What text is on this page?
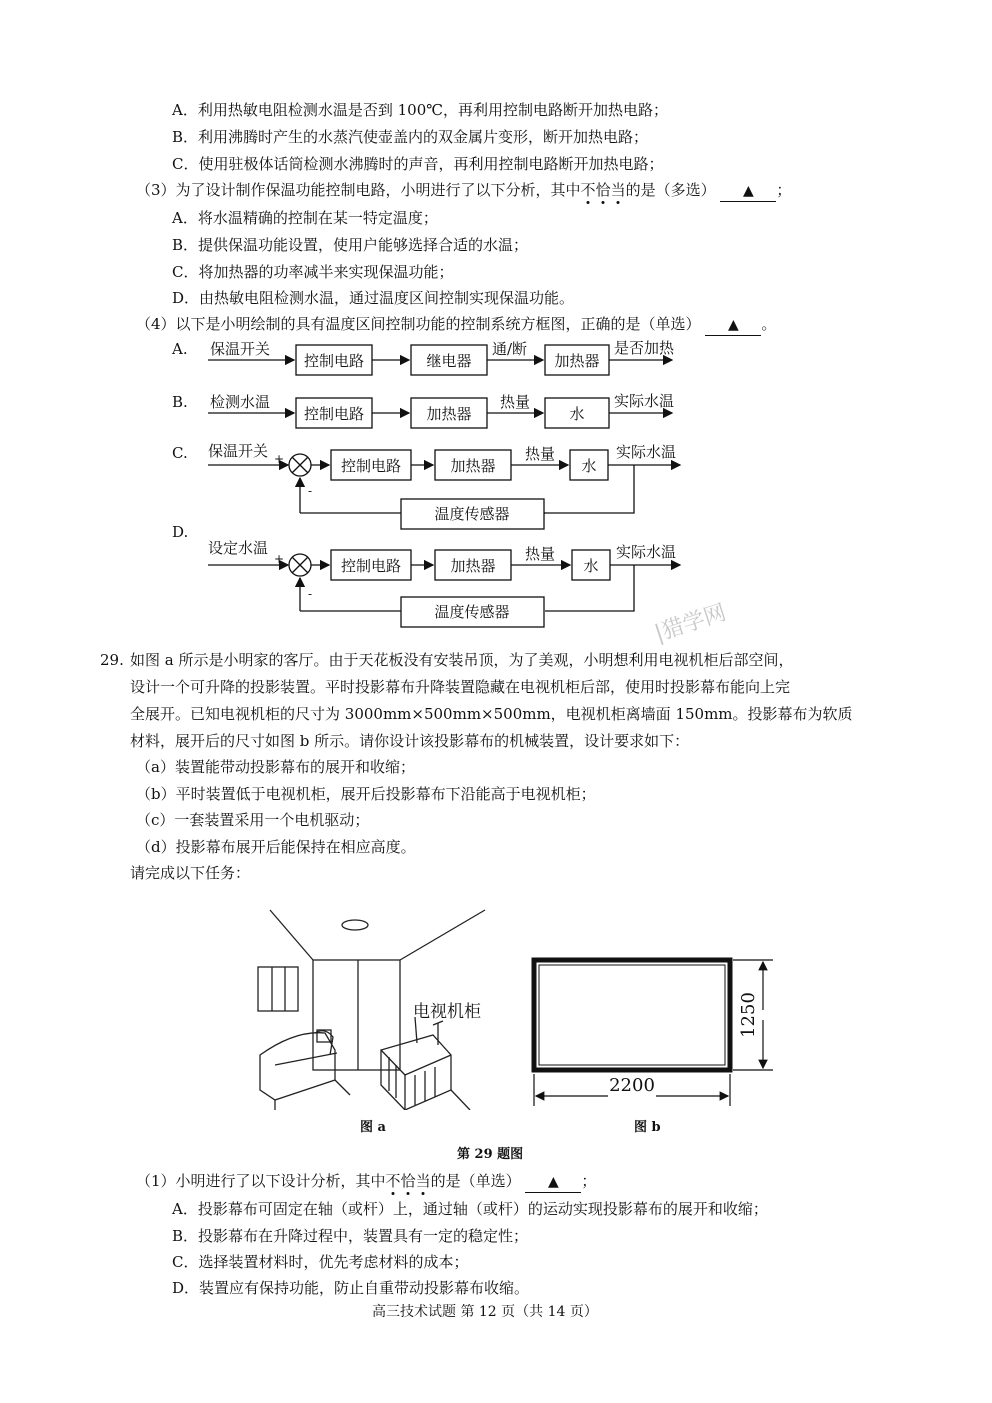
A．利用热敏电阻检测水温是否到 100℃，再利用控制电路断开加热电路；
B．利用沸腾时产生的水蒸汽使壶盖内的双金属片变形，断开加热电路；
C．使用驻极体话筒检测水沸腾时的声音，再利用控制电路断开加热电路；
（3）为了设计制作保温功能控制电路，小明进行了以下分析，其中不恰当的是（多选） ▲ ；
A．将水温精确的控制在某一特定温度；
B．提供保温功能设置，使用户能够选择合适的水温；
C．将加热器的功率减半来实现保温功能；
D．由热敏电阻检测水温，通过温度区间控制实现保温功能。
（4）以下是小明绘制的具有温度区间控制功能的控制系统方框图，正确的是（单选） ▲ 。
A. 保温开关
控制电路	继电器	加热器
通/断	是否加热
B. 检测水温
控制电路	加热器	水
热量	实际水温
C. 保温开关 +
-
控制电路	加热器	水
热量	实际水温
温度传感器
D.
设定水温
+
-
控制电路	加热器	水
热量	实际水温
温度传感器	|猎学网
29. 如图 a 所示是小明家的客厅。由于天花板没有安装吊顶，为了美观，小明想利用电视机柜后部空间，
设计一个可升降的投影装置。平时投影幕布升降装置隐藏在电视机柜后部，使用时投影幕布能向上完
全展开。已知电视机柜的尺寸为 3000mm×500mm×500mm，电视机柜离墙面 150mm。投影幕布为软质
材料，展开后的尺寸如图 b 所示。请你设计该投影幕布的机械装置，设计要求如下：
（a）装置能带动投影幕布的展开和收缩；
（b）平时装置低于电视机柜，展开后投影幕布下沿能高于电视机柜；
（c）一套装置采用一个电机驱动；
（d）投影幕布展开后能保持在相应高度。
请完成以下任务：
电视机柜
图 a
2200
1250
图 b
第 29 题图
（1）小明进行了以下设计分析，其中不恰当的是（单选） ▲ ；
A．投影幕布可固定在轴（或杆）上，通过轴（或杆）的运动实现投影幕布的展开和收缩；
B．投影幕布在升降过程中，装置具有一定的稳定性；
C．选择装置材料时，优先考虑材料的成本；
D．装置应有保持功能，防止自重带动投影幕布收缩。
高三技术试题 第 12 页（共 14 页）
